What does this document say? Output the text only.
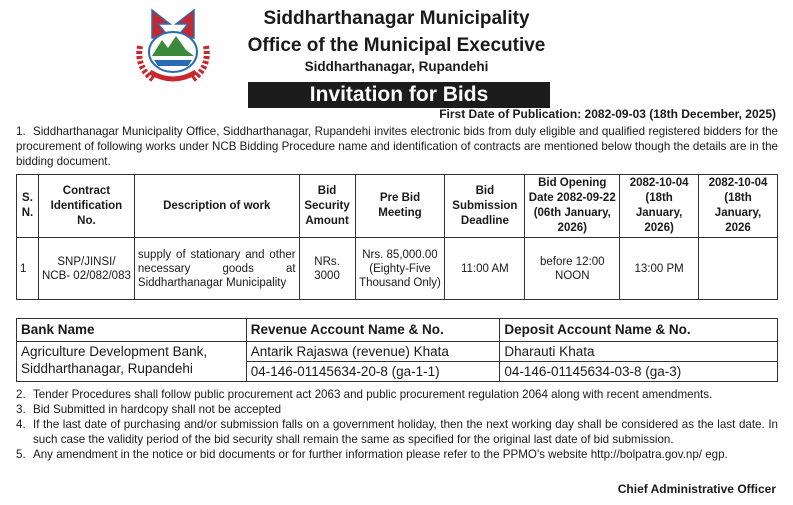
Siddharthanagar Municipality
Office of the Municipal Executive
Siddharthanagar, Rupandehi
Invitation for Bids
First Date of Publication: 2082-09-03 (18th December, 2025)
1. Siddharthanagar Municipality Office, Siddharthanagar, Rupandehi invites electronic bids from duly eligible and qualified registered bidders for the procurement of following works under NCB Bidding Procedure name and identification of contracts are mentioned below though the details are in the bidding document.
S. N.	Contract Identification No.	Description of work	Bid Security Amount	Pre Bid Meeting	Bid Submission Deadline	Bid Opening Date 2082-09-22 (06th January, 2026)	2082-10-04 (18th January, 2026)	2082-10-04 (18th January, 2026
1	SNP/JINSI/ NCB- 02/082/083	supply of stationary and other necessary goods at Siddharthanagar Municipality	NRs. 3000	Nrs. 85,000.00 (Eighty-Five Thousand Only)	11:00 AM	before 12:00 NOON	13:00 PM	
Bank Name	Revenue Account Name & No.	Deposit Account Name & No.
Agriculture Development Bank, Siddharthanagar, Rupandehi	Antarik Rajaswa (revenue) Khata	Dharauti Khata
	04-146-01145634-20-8 (ga-1-1)	04-146-01145634-03-8 (ga-3)
2. Tender Procedures shall follow public procurement act 2063 and public procurement regulation 2064 along with recent amendments.
3. Bid Submitted in hardcopy shall not be accepted
4. If the last date of purchasing and/or submission falls on a government holiday, then the next working day shall be considered as the last date. In such case the validity period of the bid security shall remain the same as specified for the original last date of bid submission.
5. Any amendment in the notice or bid documents or for further information please refer to the PPMO's website http://bolpatra.gov.np/ egp.
Chief Administrative Officer
